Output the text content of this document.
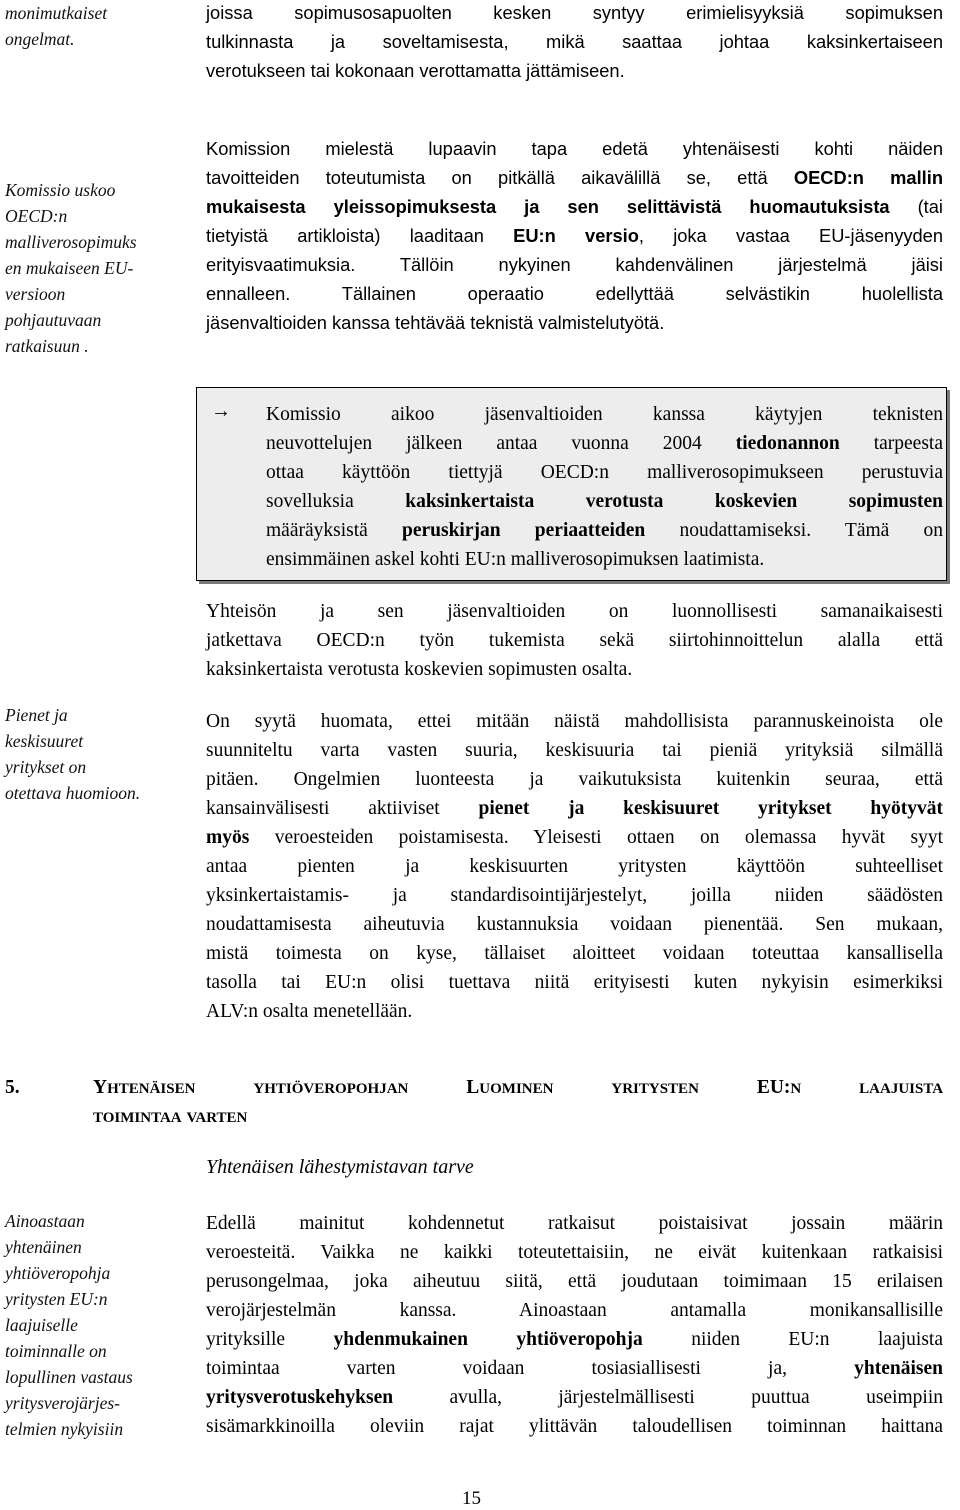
monimutkaiset
ongelmat.
Komissio uskoo
OECD:n
malliverosopimuks
en mukaiseen EU-
versioon
pohjautuvaan
ratkaisuun .
Pienet ja
keskisuuret
yritykset on
otettava huomioon.
Ainoastaan
yhtenäinen
yhtiöveropohja
yritysten EU:n
laajuiselle
toiminnalle on
lopullinen vastaus
yritysverojärjes-
telmien nykyisiin
joissa sopimusosapuolten kesken syntyy erimielisyyksiä sopimuksen
tulkinnasta ja soveltamisesta, mikä saattaa johtaa kaksinkertaiseen
verotukseen tai kokonaan verottamatta jättämiseen.
Komission mielestä lupaavin tapa edetä yhtenäisesti kohti näiden
tavoitteiden toteutumista on pitkällä aikavälillä se, että OECD:n mallin
mukaisesta yleissopimuksesta ja sen selittävistä huomautuksista (tai
tietyistä artikloista) laaditaan EU:n versio, joka vastaa EU-jäsenyyden
erityisvaatimuksia. Tällöin nykyinen kahdenvälinen järjestelmä jäisi
ennalleen. Tällainen operaatio edellyttää selvästikin huolellista
jäsenvaltioiden kanssa tehtävää teknistä valmistelutyötä.
→ Komissio aikoo jäsenvaltioiden kanssa käytyjen teknisten
neuvottelujen jälkeen antaa vuonna 2004 tiedonannon tarpeesta
ottaa käyttöön tiettyjä OECD:n malliverosopimukseen perustuvia
sovelluksia kaksinkertaista verotusta koskevien sopimusten
määräyksistä peruskirjan periaatteiden noudattamiseksi. Tämä on
ensimmäinen askel kohti EU:n malliverosopimuksen laatimista.
Yhteisön ja sen jäsenvaltioiden on luonnollisesti samanaikaisesti
jatkettava OECD:n työn tukemista sekä siirtohinnoittelun alalla että
kaksinkertaista verotusta koskevien sopimusten osalta.
On syytä huomata, ettei mitään näistä mahdollisista parannuskeinoista ole
suunniteltu varta vasten suuria, keskisuuria tai pieniä yrityksiä silmällä
pitäen. Ongelmien luonteesta ja vaikutuksista kuitenkin seuraa, että
kansainvälisesti aktiiviset pienet ja keskisuuret yritykset hyötyvät
myös veroesteiden poistamisesta. Yleisesti ottaen on olemassa hyvät syyt
antaa pienten ja keskisuurten yritysten käyttöön suhteelliset
yksinkertaistamis- ja standardisointijärjestelyt, joilla niiden säädösten
noudattamisesta aiheutuvia kustannuksia voidaan pienentää. Sen mukaan,
mistä toimesta on kyse, tällaiset aloitteet voidaan toteuttaa kansallisella
tasolla tai EU:n olisi tuettava niitä erityisesti kuten nykyisin esimerkiksi
ALV:n osalta menetellään.
5.	YHTENÄISEN	YHTIÖVEROPOHJAN	LUOMINEN	YRITYSTEN	EU:N	LAAJUISTA
TOIMINTAA VARTEN
Yhtenäisen lähestymistavan tarve
Edellä mainitut kohdennetut ratkaisut poistaisivat jossain määrin
veroesteitä. Vaikka ne kaikki toteutettaisiin, ne eivät kuitenkaan ratkaisisi
perusongelmaa, joka aiheutuu siitä, että joudutaan toimimaan 15 erilaisen
verojärjestelmän kanssa. Ainoastaan antamalla monikansallisille
yrityksille yhdenmukainen yhtiöveropohja niiden EU:n laajuista
toimintaa varten voidaan tosiasiallisesti ja, yhtenäisen
yritysverotuskehyksen avulla, järjestelmällisesti puuttua useimpiin
sisämarkkinoilla oleviin rajat ylittävän taloudellisen toiminnan haittana
15
